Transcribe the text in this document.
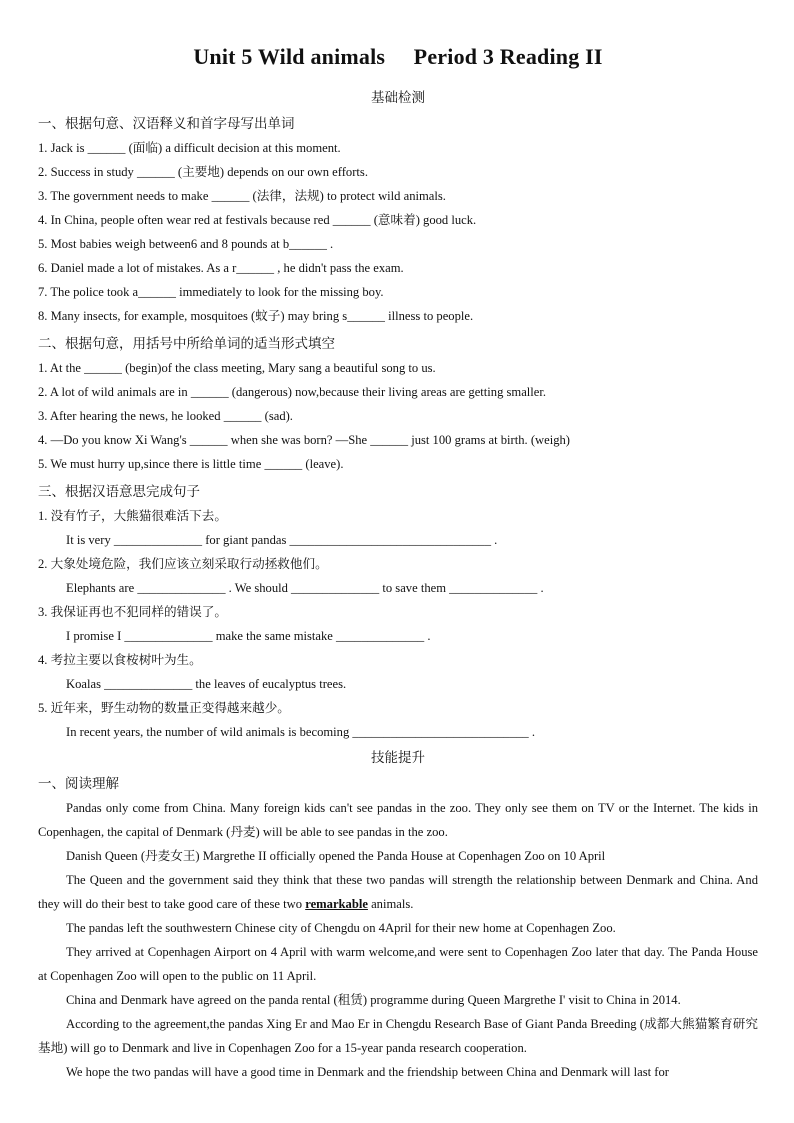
Unit 5 Wild animals     Period 3 Reading II
基础检测
一、根据句意、汉语释义和首字母写出单词
1. Jack is ______ (面临) a difficult decision at this moment.
2. Success in study ______ (主要地) depends on our own efforts.
3. The government needs to make ______ (法律，法规) to protect wild animals.
4. In China, people often wear red at festivals because red ______ (意味着) good luck.
5. Most babies weigh between6 and 8 pounds at b______ .
6. Daniel made a lot of mistakes. As a r______ , he didn't pass the exam.
7. The police took a______ immediately to look for the missing boy.
8. Many insects, for example, mosquitoes (蚊子) may bring s______ illness to people.
二、根据句意，用括号中所给单词的适当形式填空
1. At the ______ (begin)of the class meeting, Mary sang a beautiful song to us.
2. A lot of wild animals are in ______ (dangerous) now,because their living areas are getting smaller.
3. After hearing the news, he looked ______ (sad).
4. —Do you know Xi Wang's ______ when she was born? —She ______ just 100 grams at birth. (weigh)
5. We must hurry up,since there is little time ______ (leave).
三、根据汉语意思完成句子
1. 没有竹子，大熊猫很难活下去。
It is very ______________ for giant pandas ________________________________ .
2. 大象处境危险，我们应该立刻采取行动拯救他们。
Elephants are ______________ . We should ______________ to save them ______________ .
3. 我保证再也不犯同样的错误了。
I promise I ______________ make the same mistake ______________ .
4. 考拉主要以食桉树叶为生。
Koalas ______________ the leaves of eucalyptus trees.
5. 近年来，野生动物的数量正变得越来越少。
In recent years, the number of wild animals is becoming ____________________________ .
技能提升
一、阅读理解

Pandas only come from China. Many foreign kids can't see pandas in the zoo. They only see them on TV or the Internet. The kids in Copenhagen, the capital of Denmark (丹麦) will be able to see pandas in the zoo.

Danish Queen (丹麦女王) Margrethe II officially opened the Panda House at Copenhagen Zoo on 10 April

The Queen and the government said they think that these two pandas will strength the relationship between Denmark and China. And they will do their best to take good care of these two remarkable animals.

The pandas left the southwestern Chinese city of Chengdu on 4April for their new home at Copenhagen Zoo.

They arrived at Copenhagen Airport on 4 April with warm welcome,and were sent to Copenhagen Zoo later that day. The Panda House at Copenhagen Zoo will open to the public on 11 April.

China and Denmark have agreed on the panda rental (租赁) programme during Queen Margrethe I' visit to China in 2014.

According to the agreement,the pandas Xing Er and Mao Er in Chengdu Research Base of Giant Panda Breeding (成都大熊猫繁育研究基地) will go to Denmark and live in Copenhagen Zoo for a 15-year panda research cooperation.

We hope the two pandas will have a good time in Denmark and the friendship between China and Denmark will last for
